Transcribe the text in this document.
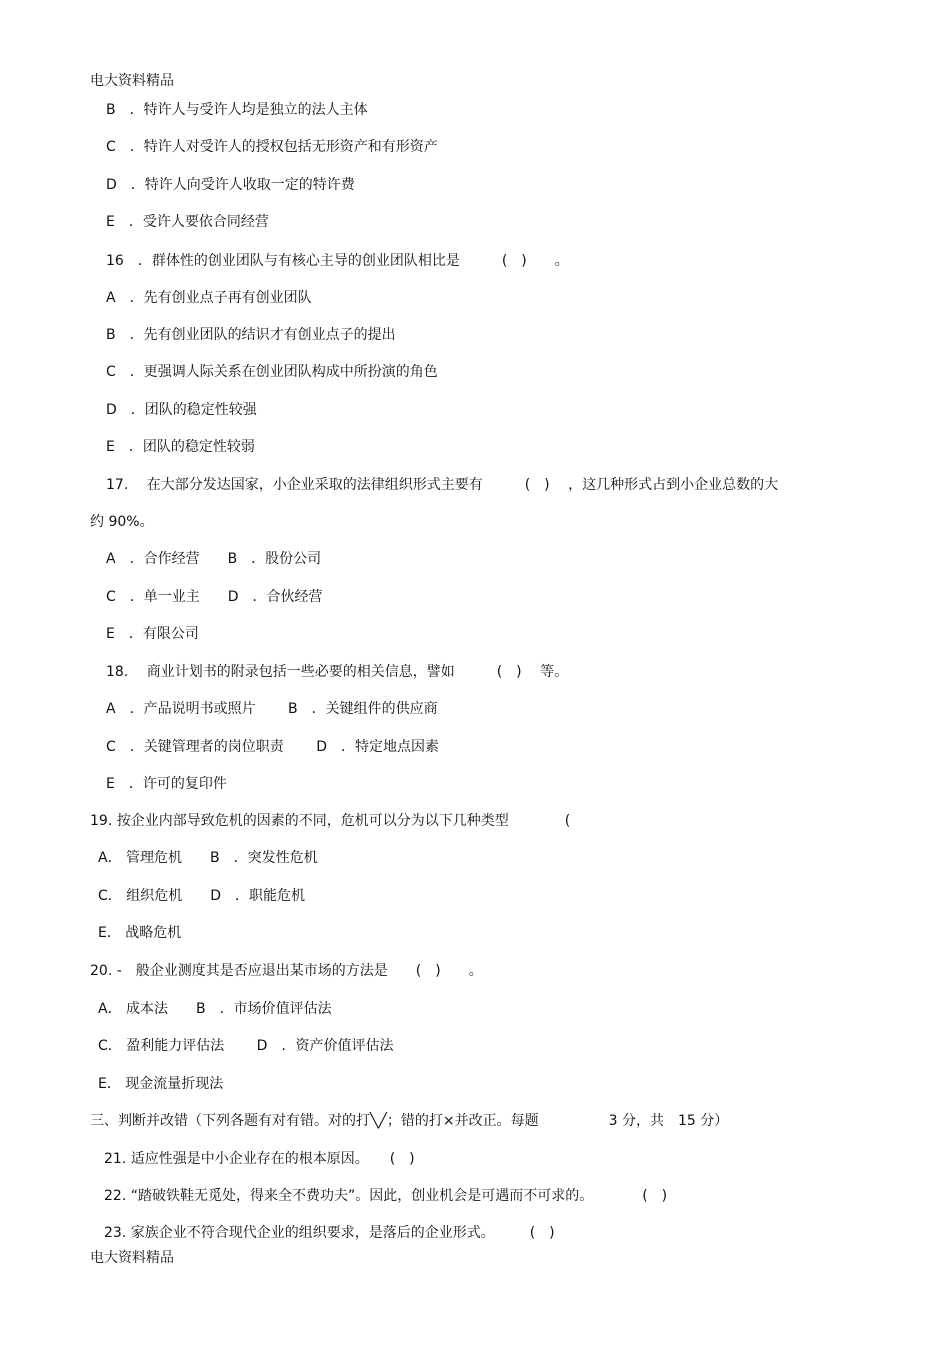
电大资料精品
B　．特许人与受许人均是独立的法人主体
C　．特许人对受许人的授权包括无形资产和有形资产
D　．特许人向受许人收取一定的特许费
E　．受许人要依合同经营
16　．群体性的创业团队与有核心主导的创业团队相比是　　　(　)　　。
A　．先有创业点子再有创业团队
B　．先有创业团队的结识才有创业点子的提出
C　．更强调人际关系在创业团队构成中所扮演的角色
D　．团队的稳定性较强
E　．团队的稳定性较弱
17.　 在大部分发达国家，小企业采取的法律组织形式主要有　　　(　)　 ，这几种形式占到小企业总数的大
约 90%。
A　．合作经营　　B　．股份公司
C　．单一业主　　D　．合伙经营
E　．有限公司
18.　 商业计划书的附录包括一些必要的相关信息，譬如　　　(　)　 等。
A　．产品说明书或照片　　 B　．关键组件的供应商
C　．关键管理者的岗位职责　　 D　．特定地点因素
E　．许可的复印件
19. 按企业内部导致危机的因素的不同，危机可以分为以下几种类型　　　　(
A． 管理危机　　B　．突发性危机
C． 组织危机　　D　．职能危机
E． 战略危机
20. -　般企业测度其是否应退出某市场的方法是　　(　)　　。
A． 成本法　　B　．市场价值评估法
C． 盈利能力评估法　　 D　．资产价值评估法
E． 现金流量折现法
三、判断并改错（下列各题有对有错。对的打╲╱；错的打×并改正。每题　　　　　3 分，共　15 分）
21. 适应性强是中小企业存在的根本原因。　　(　)
22. “踏破铁鞋无觅处，得来全不费功夫”。因此，创业机会是可遇而不可求的。　　　　(　)
23. 家族企业不符合现代企业的组织要求，是落后的企业形式。　　　(　)
电大资料精品
